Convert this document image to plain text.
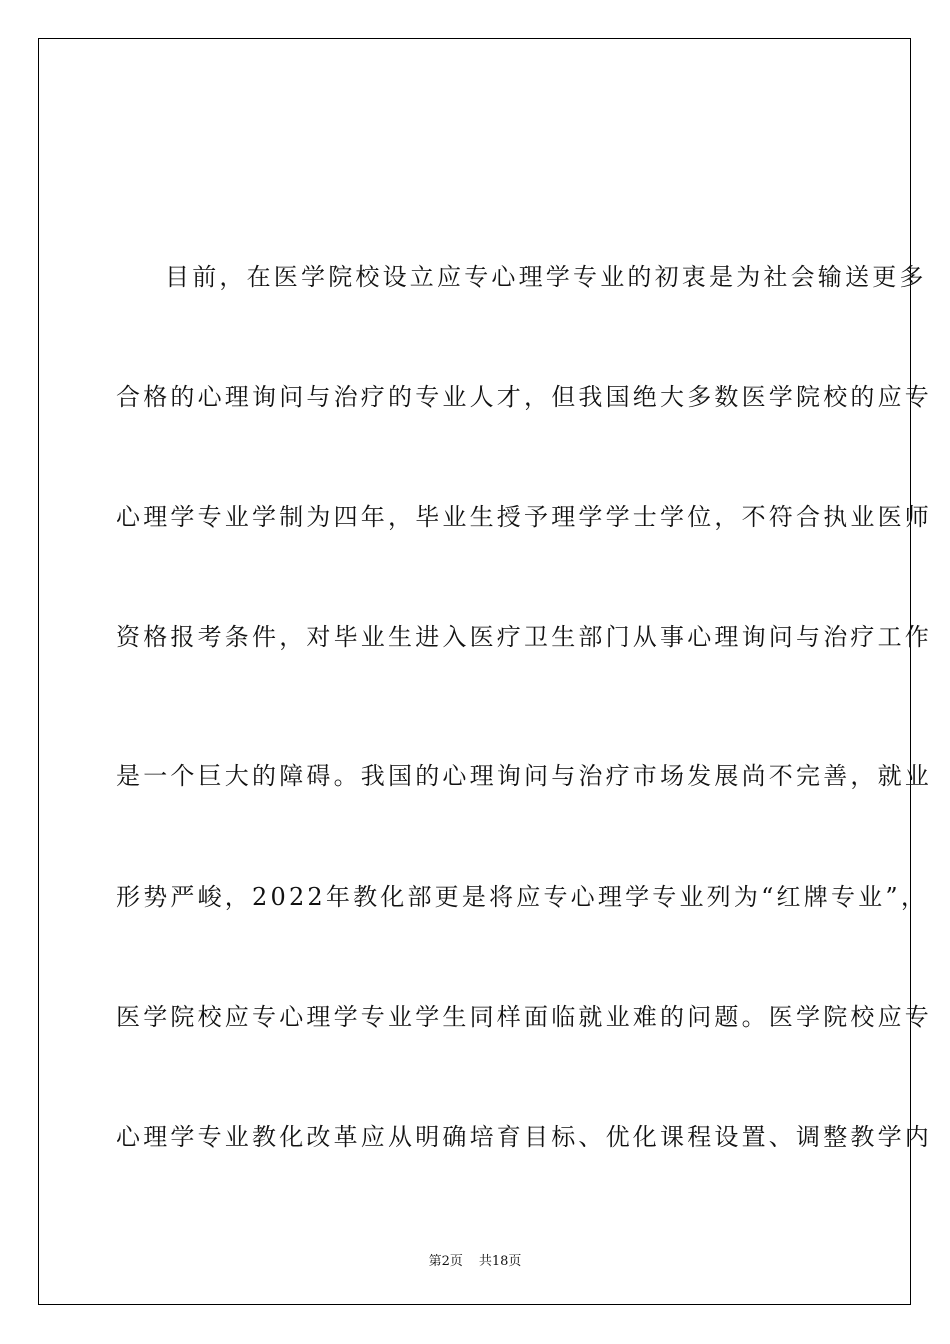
目前，在医学院校设立应专心理学专业的初衷是为社会输送更多
合格的心理询问与治疗的专业人才，但我国绝大多数医学院校的应专
心理学专业学制为四年，毕业生授予理学学士学位，不符合执业医师
资格报考条件，对毕业生进入医疗卫生部门从事心理询问与治疗工作
是一个巨大的障碍。我国的心理询问与治疗市场发展尚不完善，就业
形势严峻，2022年教化部更是将应专心理学专业列为“红牌专业”，
医学院校应专心理学专业学生同样面临就业难的问题。医学院校应专
心理学专业教化改革应从明确培育目标、优化课程设置、调整教学内
第2页 共18页
